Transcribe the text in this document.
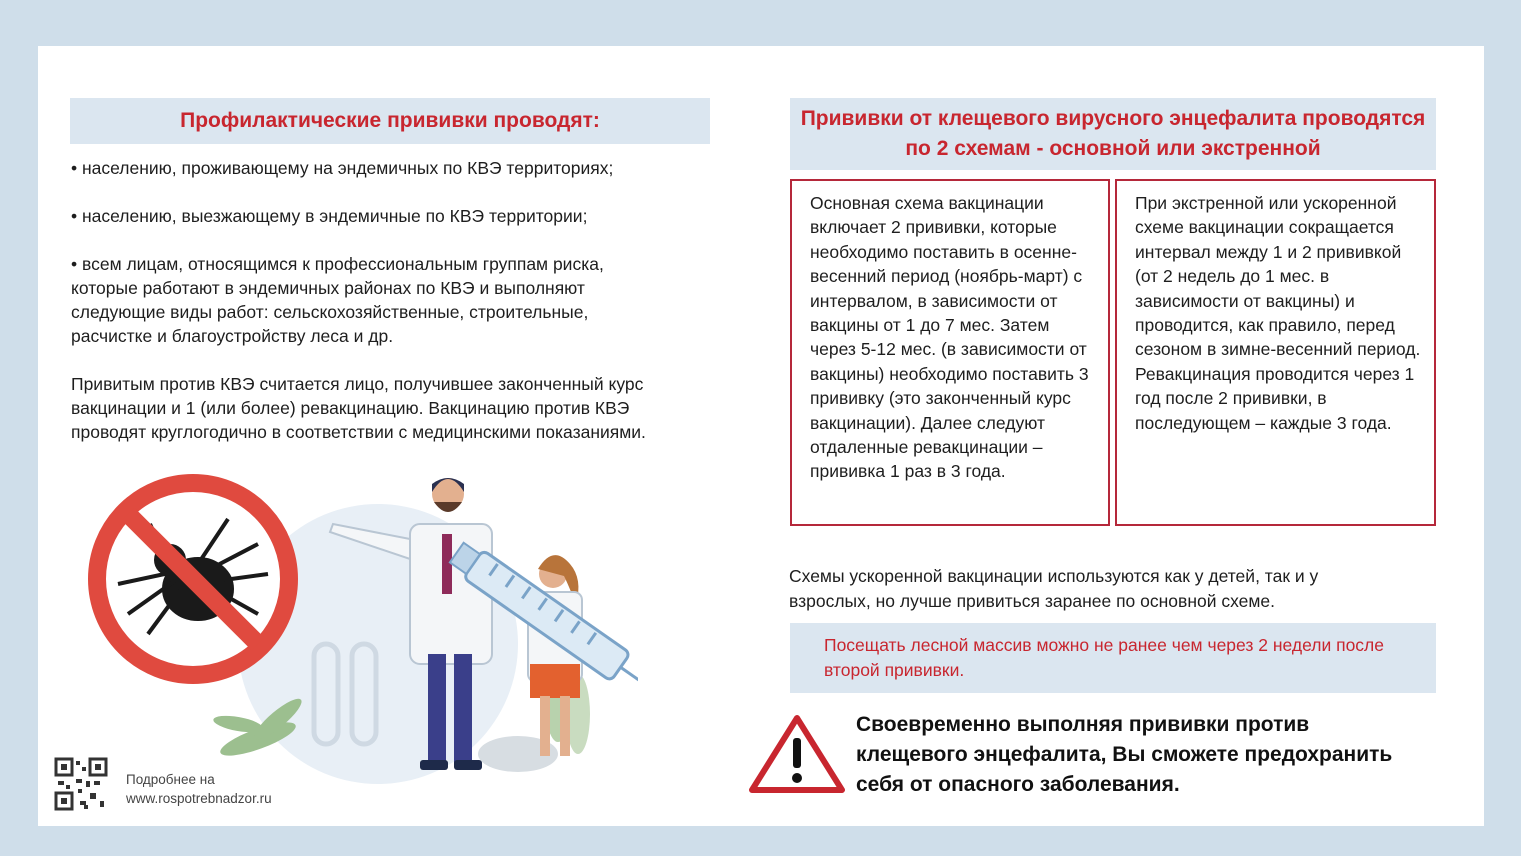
Профилактические прививки проводят:

• населению, проживающему на эндемичных по КВЭ территориях;

• населению, выезжающему в эндемичные по КВЭ территории;

• всем лицам, относящимся к профессиональным группам риска, которые работают в эндемичных районах по КВЭ и выполняют следующие виды работ: сельскохозяйственные, строительные, расчистке и благоустройству леса и др.

Привитым против КВЭ считается лицо, получившее законченный курс вакцинации и 1 (или более) ревакцинацию. Вакцинацию против КВЭ проводят круглогодично в соответствии с медицинскими показаниями.

Подробнее на
www.rospotrebnadzor.ru
Прививки от клещевого вирусного энцефалита проводятся
по 2 схемам - основной или экстренной
Основная схема вакцинации включает 2 прививки, которые необходимо поставить в осенне-весенний период (ноябрь-март) с интервалом, в зависимости от вакцины от 1 до 7 мес. Затем через 5-12 мес. (в зависимости от вакцины) необходимо поставить 3 прививку (это законченный курс вакцинации). Далее следуют отдаленные ревакцинации – прививка 1 раз в 3 года.
При экстренной или ускоренной схеме вакцинации сокращается интервал между 1 и 2 прививкой (от 2 недель до 1 мес. в зависимости от вакцины) и проводится, как правило, перед сезоном в зимне-весенний период. Ревакцинация проводится через 1 год после 2 прививки, в последующем – каждые 3 года.
Схемы ускоренной вакцинации используются как у детей, так и у взрослых, но лучше привиться заранее по основной схеме.
Посещать лесной массив можно не ранее чем через 2 недели после второй прививки.
Своевременно выполняя прививки против клещевого энцефалита, Вы сможете предохранить себя от опасного заболевания.
